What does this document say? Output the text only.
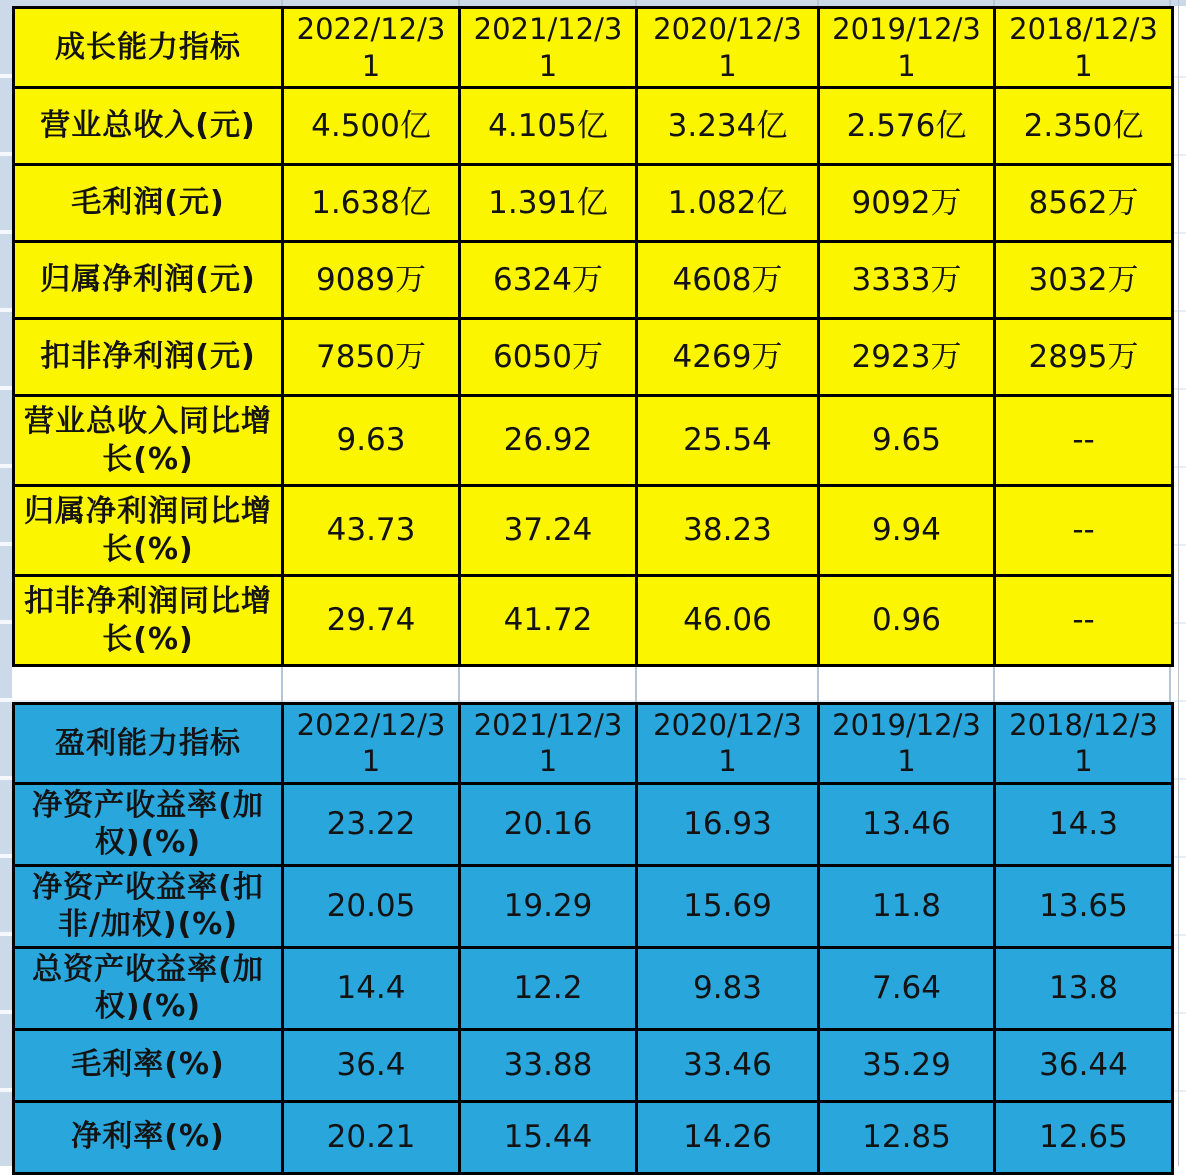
成长能力指标	2022/12/31	2021/12/31	2020/12/31	2019/12/31	2018/12/31
营业总收入(元)	4.500亿	4.105亿	3.234亿	2.576亿	2.350亿
毛利润(元)	1.638亿	1.391亿	1.082亿	9092万	8562万
归属净利润(元)	9089万	6324万	4608万	3333万	3032万
扣非净利润(元)	7850万	6050万	4269万	2923万	2895万
营业总收入同比增长(%)	9.63	26.92	25.54	9.65	--
归属净利润同比增长(%)	43.73	37.24	38.23	9.94	--
扣非净利润同比增长(%)	29.74	41.72	46.06	0.96	--
盈利能力指标	2022/12/31	2021/12/31	2020/12/31	2019/12/31	2018/12/31
净资产收益率(加权)(%)	23.22	20.16	16.93	13.46	14.3
净资产收益率(扣非/加权)(%)	20.05	19.29	15.69	11.8	13.65
总资产收益率(加权)(%)	14.4	12.2	9.83	7.64	13.8
毛利率(%)	36.4	33.88	33.46	35.29	36.44
净利率(%)	20.21	15.44	14.26	12.85	12.65
